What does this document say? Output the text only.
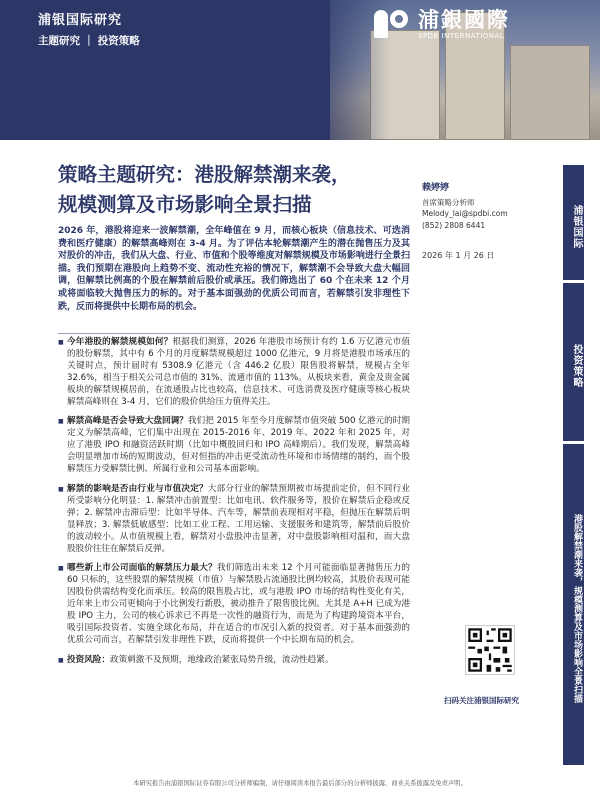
浦银国际研究
主题研究 ｜ 投资策略
浦銀國際
SPDB INTERNATIONAL
策略主题研究：港股解禁潮来袭，
规模测算及市场影响全景扫描
2026 年，港股将迎来一波解禁潮，全年峰值在 9 月，而核心板块（信息技术、可选消费和医疗健康）的解禁高峰则在 3-4 月。为了评估本轮解禁潮产生的潜在抛售压力及其对股价的冲击，我们从大盘、行业、市值和个股等维度对解禁规模及市场影响进行全景扫描。我们预期在港股向上趋势不变、流动性充裕的情况下，解禁潮不会导致大盘大幅回调，但解禁比例高的个股在解禁前后股价或承压。我们筛选出了 60 个在未来 12 个月或将面临较大抛售压力的标的。对于基本面强劲的优质公司而言，若解禁引发非理性下跌，反而将提供中长期布局的机会。
■ 今年港股的解禁规模如何？根据我们测算，2026 年港股市场预计有约 1.6 万亿港元市值的股份解禁，其中有 6 个月的月度解禁规模超过 1000 亿港元，9 月将是港股市场承压的关键时点，预计届时有 5308.9 亿港元（含 446.2 亿股）限售股将解禁，规模占全年 32.6%，相当于相关公司总市值的 31%、流通市值的 113%。从板块来看，黄金及贵金属板块的解禁规模居前，在流通股占比也较高，信息技术、可选消费及医疗健康等核心板块解禁高峰则在 3-4 月，它们的股价供给压力值得关注。
■ 解禁高峰是否会导致大盘回调？我们把 2015 年至今月度解禁市值突破 500 亿港元的时期定义为解禁高峰，它们集中出现在 2015-2016 年、2019 年、2022 年和 2025 年，对应了港股 IPO 和融资活跃时期（比如中概股回归和 IPO 高峰期后）。我们发现，解禁高峰会明显增加市场的短期波动，但对恒指的冲击更受流动性环境和市场情绪的制约，而个股解禁压力受解禁比例、所属行业和公司基本面影响。
■ 解禁的影响是否由行业与市值决定？大部分行业的解禁预期被市场提前定价，但不同行业所受影响分化明显：1. 解禁冲击前置型：比如电讯、软件服务等，股价在解禁后企稳或反弹；2. 解禁冲击滞后型：比如半导体、汽车等，解禁前表现相对平稳，但抛压在解禁后明显释放；3. 解禁低敏感型：比如工业工程、工用运输、支援服务和建筑等，解禁前后股价的波动较小。从市值规模上看，解禁对小盘股冲击显著，对中盘股影响相对温和，而大盘股股价往往在解禁后反弹。
■ 哪些新上市公司面临的解禁压力最大？我们筛选出未来 12 个月可能面临显著抛售压力的 60 只标的，这些股票的解禁规模（市值）与解禁股占流通股比例均较高，其股价表现可能因股份供需结构变化而承压。较高的限售股占比，或与港股 IPO 市场的结构性变化有关，近年来上市公司更倾向于小比例发行新股，被动推升了限售股比例。尤其是 A+H 已成为港股 IPO 主力，公司的核心诉求已不再是一次性的融资行为，而是为了构建跨境资本平台，吸引国际投资者、实施全球化布局，并在适合的市况引入新的投资者。对于基本面强劲的优质公司而言，若解禁引发非理性下跌，反而将提供一个中长期布局的机会。
■ 投资风险：政策刺激不及预期，地缘政治紧张局势升级，流动性趋紧。
赖婷婷
首席策略分析师
Melody_lai@spdbi.com
(852) 2808 6441
2026 年 1 月 26 日
扫码关注浦银国际研究
浦银国际
投资策略
港股解禁潮来袭，规模测算及市场影响全景扫描
本研究报告由浦银国际证券有限公司分析师编制，请仔细阅读本报告最后部分的分析师披露、商业关系披露及免责声明。
